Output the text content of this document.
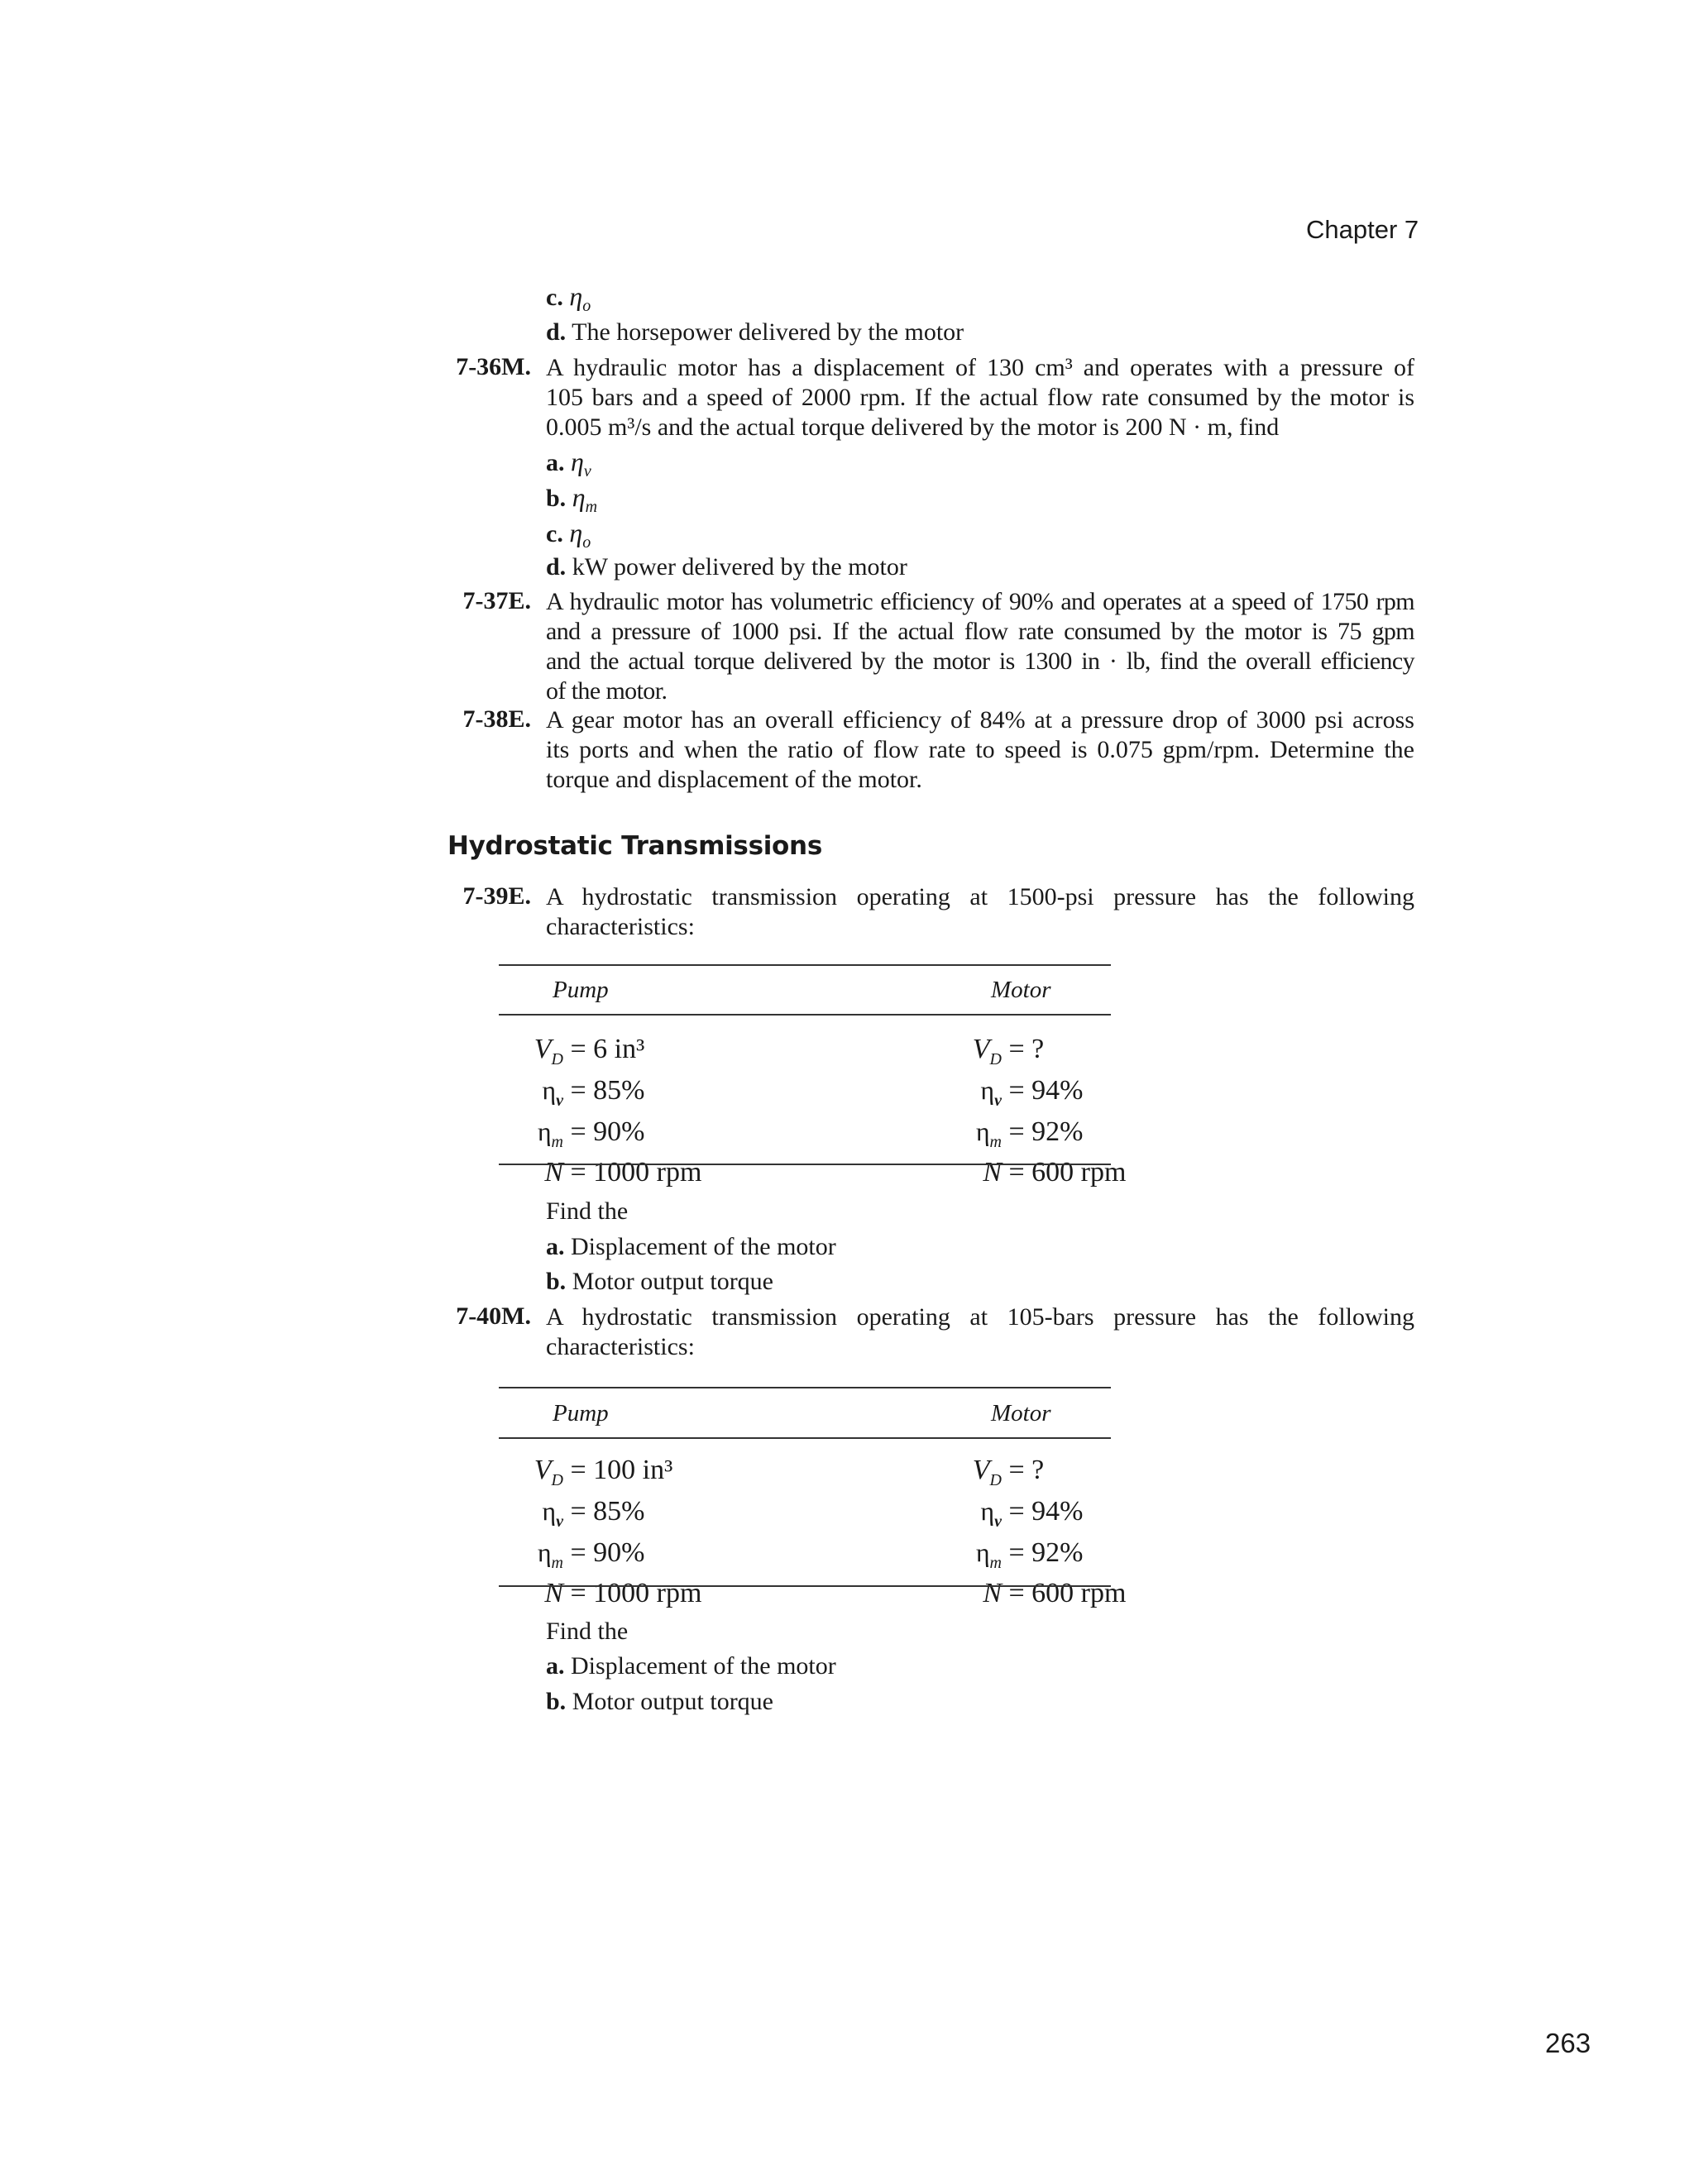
Chapter 7
c. $\eta_o$
d. The horsepower delivered by the motor
7-36M. A hydraulic motor has a displacement of 130 cm³ and operates with a pressure of
105 bars and a speed of 2000 rpm. If the actual flow rate consumed by the motor is
0.005 m³/s and the actual torque delivered by the motor is 200 N · m, find
a. $\eta_v$
b. $\eta_m$
c. $\eta_o$
d. kW power delivered by the motor
7-37E. A hydraulic motor has volumetric efficiency of 90% and operates at a speed of 1750 rpm
and a pressure of 1000 psi. If the actual flow rate consumed by the motor is 75 gpm
and the actual torque delivered by the motor is 1300 in · lb, find the overall efficiency
of the motor.
7-38E. A gear motor has an overall efficiency of 84% at a pressure drop of 3000 psi across
its ports and when the ratio of flow rate to speed is 0.075 gpm/rpm. Determine the
torque and displacement of the motor.
Hydrostatic Transmissions
7-39E. A hydrostatic transmission operating at 1500-psi pressure has the following
characteristics:
Pump	Motor
$V_D = 6$ in³
$\eta_v = 85\%$
$\eta_m = 90\%$
N = 1000 rpm
$V_D$ = ?
$\eta_v = 94\%$
$\eta_m = 92\%$
N = 600 rpm
Find the
a. Displacement of the motor
b. Motor output torque
7-40M. A hydrostatic transmission operating at 105-bars pressure has the following
characteristics:
Pump	Motor
$V_D = 100$ in³
$\eta_v = 85\%$
$\eta_m = 90\%$
N = 1000 rpm
$V_D$ = ?
$\eta_v = 94\%$
$\eta_m = 92\%$
N = 600 rpm
Find the
a. Displacement of the motor
b. Motor output torque
263
